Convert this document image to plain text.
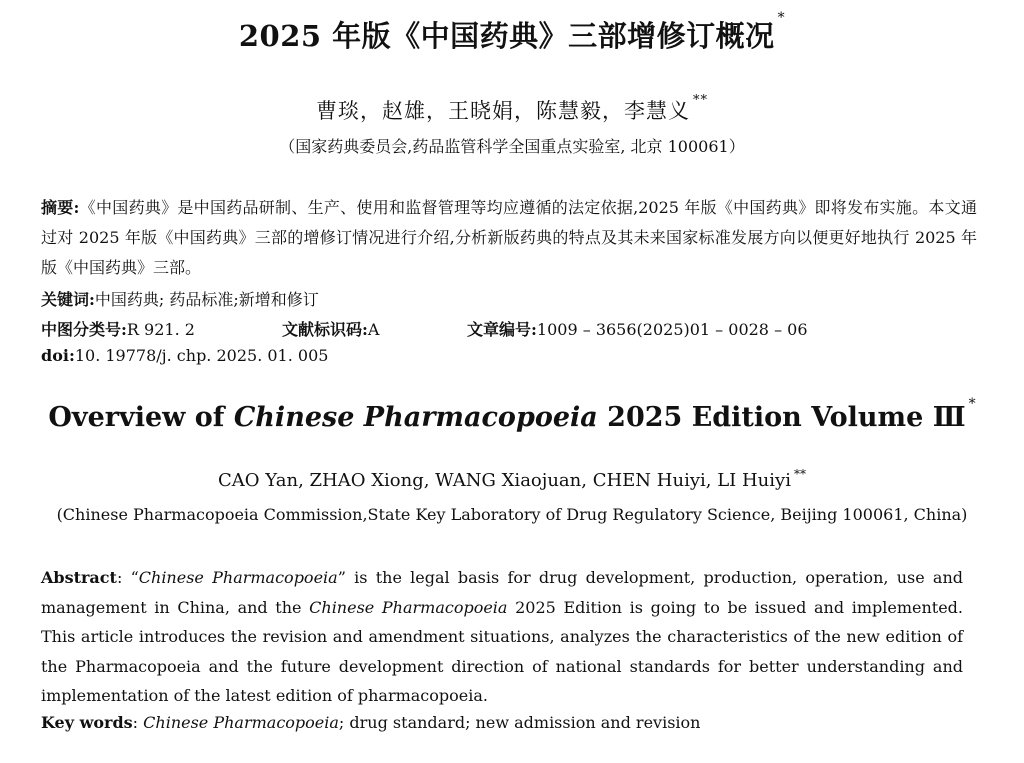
2025 年版《中国药典》三部增修订概况*
曹琰，赵雄，王晓娟，陈慧毅，李慧义 **
（国家药典委员会,药品监管科学全国重点实验室, 北京 100061）
摘要:《中国药典》是中国药品研制、生产、使用和监督管理等均应遵循的法定依据,2025 年版《中国药典》即将发布实施。本文通过对 2025 年版《中国药典》三部的增修订情况进行介绍,分析新版药典的特点及其未来国家标准发展方向以便更好地执行 2025 年版《中国药典》三部。
关键词:中国药典; 药品标准;新增和修订
中图分类号:R 921. 2	文献标识码:A	文章编号:1009 – 3656(2025)01 – 0028 – 06
doi:10. 19778/j. chp. 2025. 01. 005
Overview of Chinese Pharmacopoeia 2025 Edition Volume Ⅲ *
CAO Yan, ZHAO Xiong, WANG Xiaojuan, CHEN Huiyi, LI Huiyi **
(Chinese Pharmacopoeia Commission,State Key Laboratory of Drug Regulatory Science, Beijing 100061, China)
Abstract: “Chinese Pharmacopoeia” is the legal basis for drug development, production, operation, use and management in China, and the Chinese Pharmacopoeia 2025 Edition is going to be issued and implemented. This article introduces the revision and amendment situations, analyzes the characteristics of the new edition of the Pharmacopoeia and the future development direction of national standards for better understanding and implementation of the latest edition of pharmacopoeia.
Key words: Chinese Pharmacopoeia; drug standard; new admission and revision
